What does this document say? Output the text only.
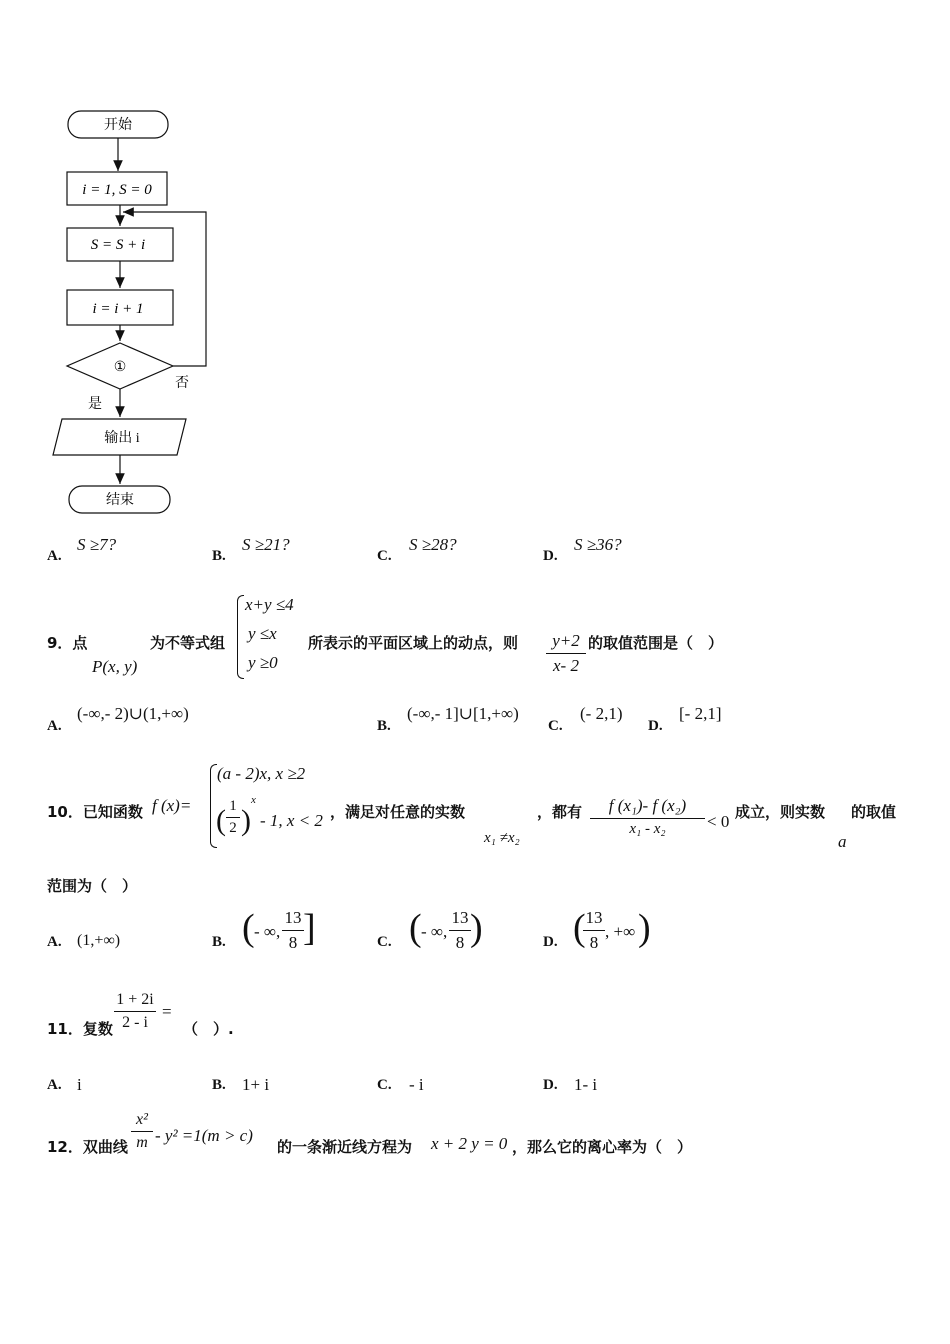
开始
i = 1, S = 0
S = S + i
i = i + 1
①
否
是
输出 i
结束
A.
S ≥7?
B.
S ≥21?
C.
S ≥28?
D.
S ≥36?
9．点
P(x, y)
为不等式组
x+y ≤4
y ≤x
y ≥0
所表示的平面区域上的动点，则	y+2
x- 2
的取值范围是（　）
A.
(-∞,- 2)∪(1,+∞)
B.
(-∞,- 1]∪[1,+∞)
C.
(- 2,1)
D.
[- 2,1]
10．已知函数 f (x)=
(a - 2)x, x ≥2
( 1
2 )
x
- 1, x < 2 ，满足对任意的实数
x₁ ≠x₂
，都有	f (x₁)- f (x₂)
x₁ - x₂	< 0 成立，则实数
a
的取值
范围为（　）
A. (1,+∞)	B. ( - ∞,
13
8 ]	C. ( - ∞,
13
8 )	D. ( 13
8
, +∞ )
11．复数
1 + 2i
2 - i
=
（　）.
A. i	B. 1+ i	C. - i	D. 1- i
12．双曲线
x²
m - y² =1(m > c)
的一条渐近线方程为 x + 2 y = 0 ，那么它的离心率为（　）
